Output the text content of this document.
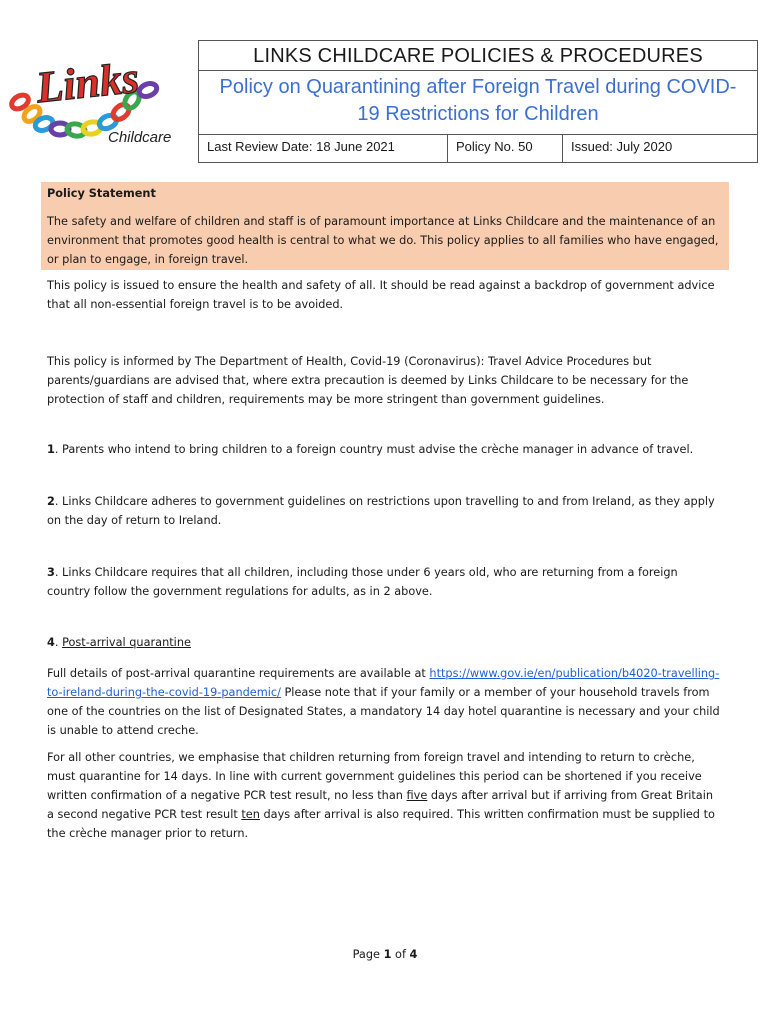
Links
Childcare
LINKS CHILDCARE POLICIES & PROCEDURES
Policy on Quarantining after Foreign Travel during COVID-19 Restrictions for Children
Last Review Date: 18 June 2021	Policy No. 50	Issued: July 2020
Policy Statement

The safety and welfare of children and staff is of paramount importance at Links Childcare and the maintenance of an environment that promotes good health is central to what we do. This policy applies to all families who have engaged, or plan to engage, in foreign travel.

This policy is issued to ensure the health and safety of all. It should be read against a backdrop of government advice that all non-essential foreign travel is to be avoided.

This policy is informed by The Department of Health, Covid-19 (Coronavirus): Travel Advice Procedures but parents/guardians are advised that, where extra precaution is deemed by Links Childcare to be necessary for the protection of staff and children, requirements may be more stringent than government guidelines.

1. Parents who intend to bring children to a foreign country must advise the crèche manager in advance of travel.

2. Links Childcare adheres to government guidelines on restrictions upon travelling to and from Ireland, as they apply on the day of return to Ireland.

3. Links Childcare requires that all children, including those under 6 years old, who are returning from a foreign country follow the government regulations for adults, as in 2 above.

4. Post-arrival quarantine

Full details of post-arrival quarantine requirements are available at https://www.gov.ie/en/publication/b4020-travelling-to-ireland-during-the-covid-19-pandemic/ Please note that if your family or a member of your household travels from one of the countries on the list of Designated States, a mandatory 14 day hotel quarantine is necessary and your child is unable to attend creche.

For all other countries, we emphasise that children returning from foreign travel and intending to return to crèche, must quarantine for 14 days. In line with current government guidelines this period can be shortened if you receive written confirmation of a negative PCR test result, no less than five days after arrival but if arriving from Great Britain a second negative PCR test result ten days after arrival is also required. This written confirmation must be supplied to the crèche manager prior to return.

Page 1 of 4
